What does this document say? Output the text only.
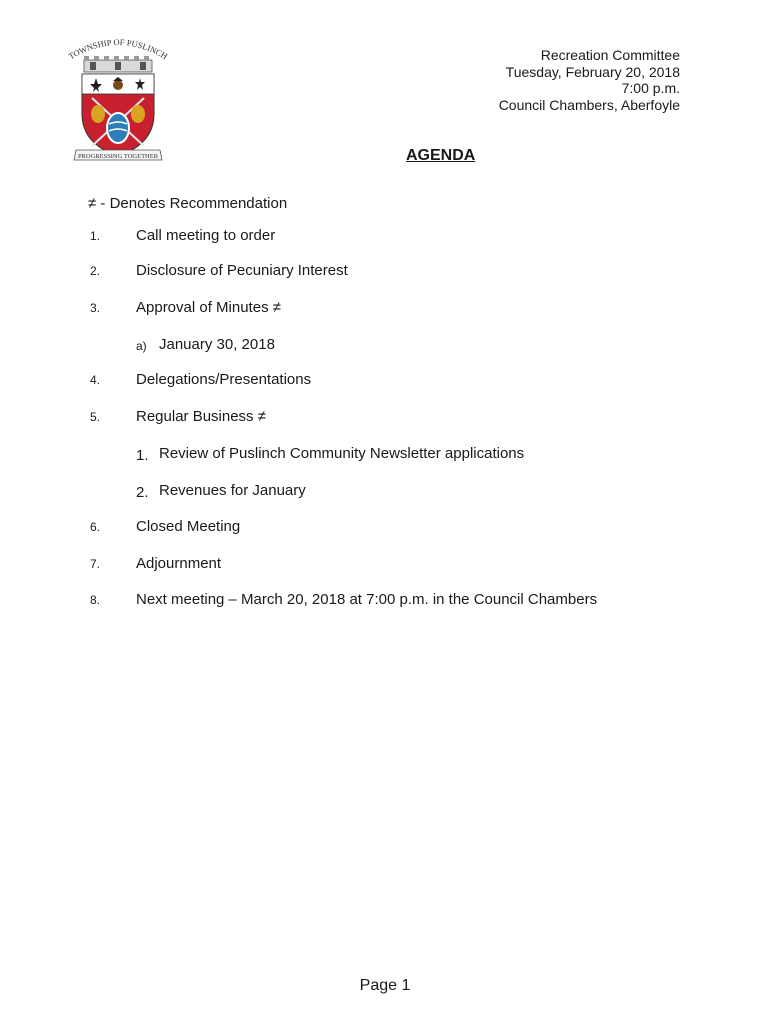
TOWNSHIP OF PUSLINCH
PROGRESSING TOGETHER
Recreation Committee
Tuesday, February 20, 2018
7:00 p.m.
Council Chambers, Aberfoyle
AGENDA
≠ - Denotes Recommendation
1. Call meeting to order
2. Disclosure of Pecuniary Interest
3. Approval of Minutes ≠
a) January 30, 2018
4. Delegations/Presentations
5. Regular Business ≠
1. Review of Puslinch Community Newsletter applications
2. Revenues for January
6. Closed Meeting
7. Adjournment
8. Next meeting – March 20, 2018 at 7:00 p.m. in the Council Chambers
Page 1
